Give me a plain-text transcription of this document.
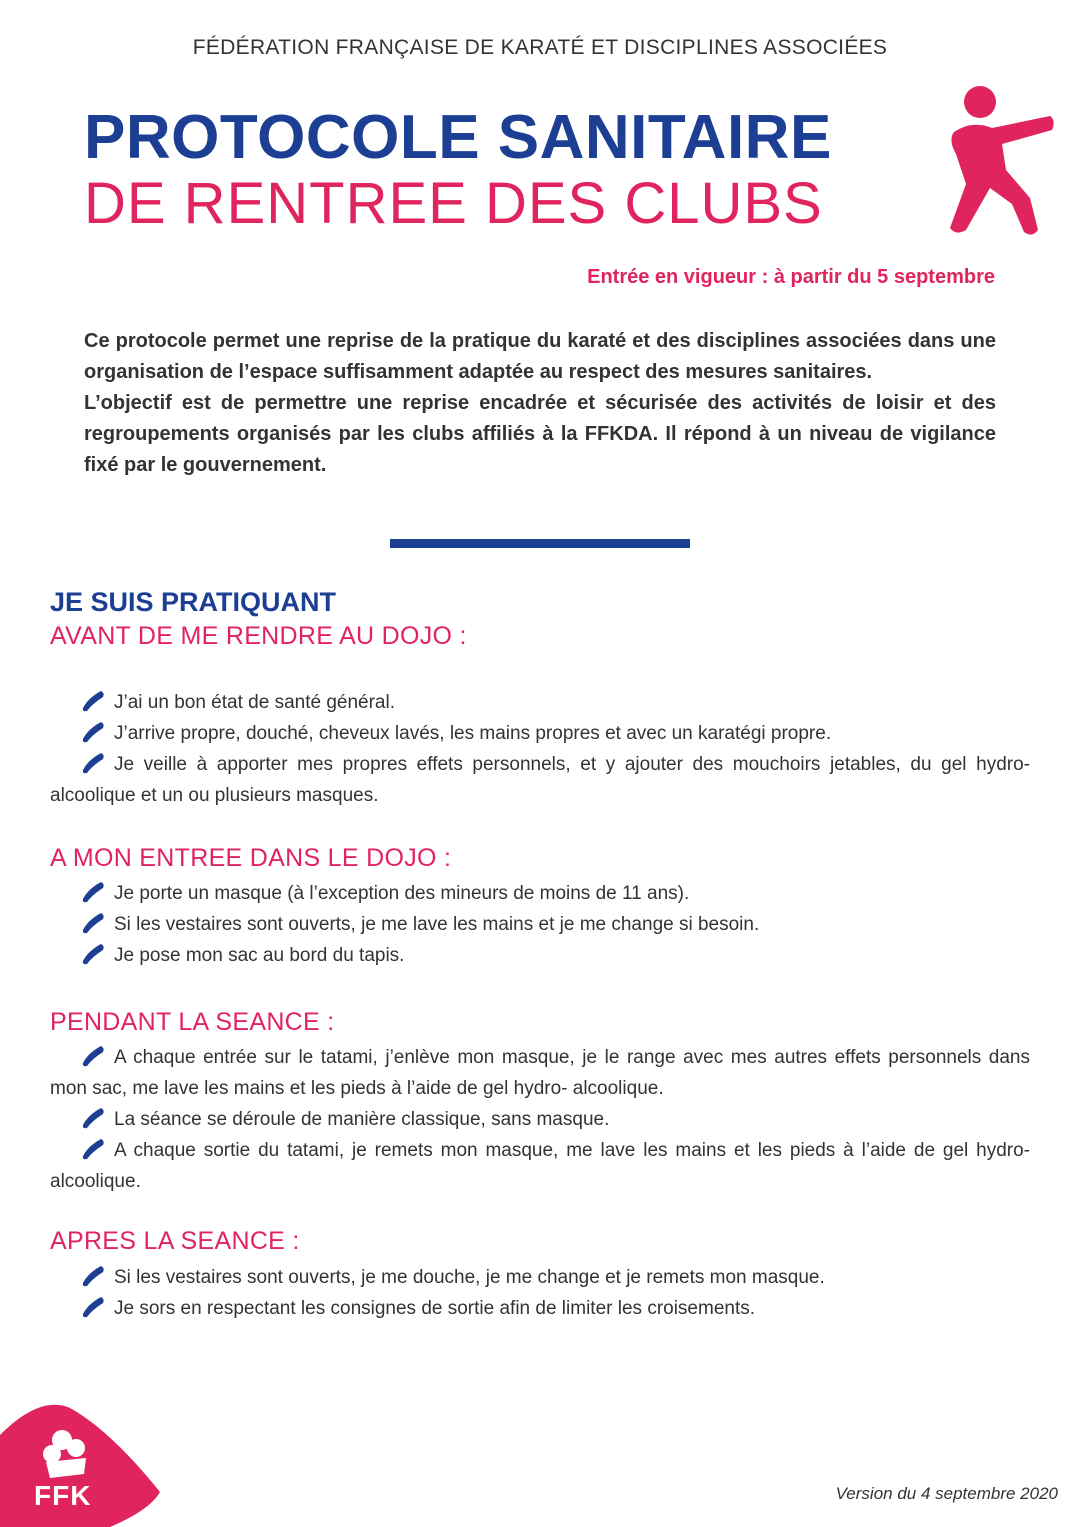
FÉDÉRATION FRANÇAISE DE KARATÉ ET DISCIPLINES ASSOCIÉES
PROTOCOLE SANITAIRE
DE RENTREE DES CLUBS
Entrée en vigueur : à partir du 5 septembre

Ce protocole permet une reprise de la pratique du karaté et des disciplines associées dans une organisation de l’espace suffisamment adaptée au respect des mesures sanitaires.

L’objectif est de permettre une reprise encadrée et sécurisée des activités de loisir et des regroupements organisés par les clubs affiliés à la FFKDA. Il répond à un niveau de vigilance fixé par le gouvernement.

JE SUIS PRATIQUANT
AVANT DE ME RENDRE AU DOJO :
J’ai un bon état de santé général.
J’arrive propre, douché, cheveux lavés, les mains propres et avec un karatégi propre.
Je veille à apporter mes propres effets personnels, et y ajouter des mouchoirs jetables, du gel hydro-alcoolique et un ou plusieurs masques.
A MON ENTREE DANS LE DOJO :
Je porte un masque (à l’exception des mineurs de moins de 11 ans).
Si les vestaires sont ouverts, je me lave les mains et je me change si besoin.
Je pose mon sac au bord du tapis.
PENDANT LA SEANCE :
A chaque entrée sur le tatami, j’enlève mon masque, je le range avec mes autres effets personnels dans mon sac, me lave les mains et les pieds à l’aide de gel hydro- alcoolique.
La séance se déroule de manière classique, sans masque.
A chaque sortie du tatami, je remets mon masque, me lave les mains et les pieds à l’aide de gel hydro-alcoolique.
APRES LA SEANCE :
Si les vestaires sont ouverts, je me douche, je me change et je remets mon masque.
Je sors en respectant les consignes de sortie afin de limiter les croisements.
FFK	Version du 4 septembre 2020
